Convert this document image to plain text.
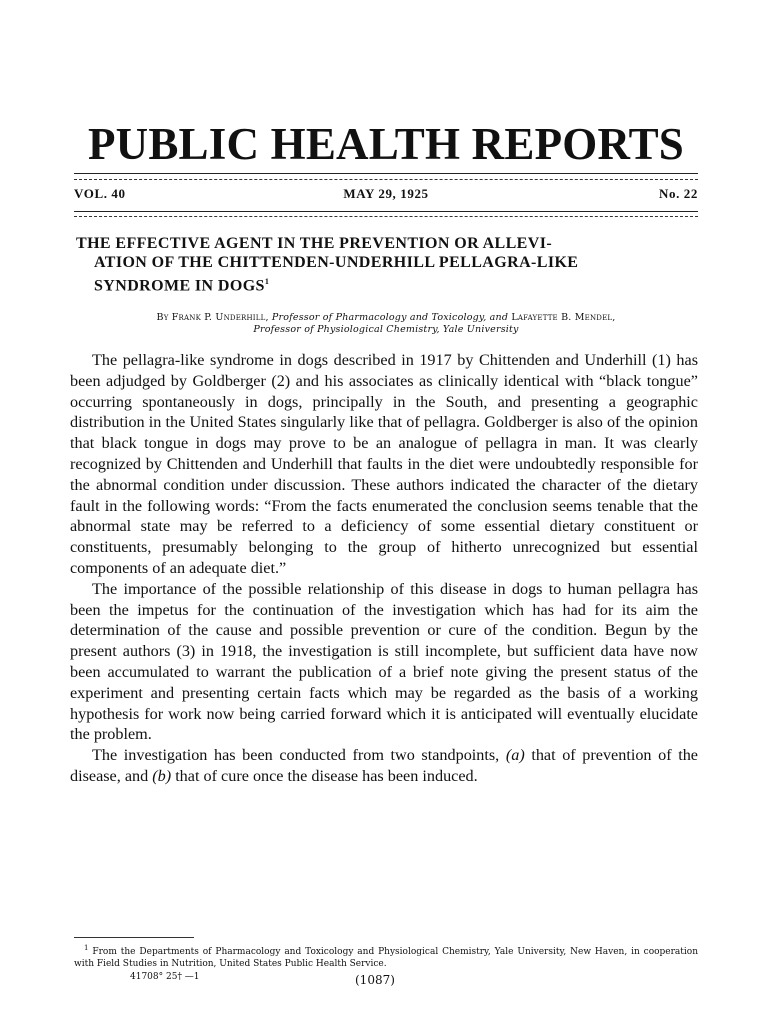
PUBLIC HEALTH REPORTS
VOL. 40	MAY 29, 1925	No. 22
THE EFFECTIVE AGENT IN THE PREVENTION OR ALLEVI-
ATION OF THE CHITTENDEN-UNDERHILL PELLAGRA-LIKE
SYNDROME IN DOGS$^1$
By Frank P. Underhill, Professor of Pharmacology and Toxicology, and Lafayette B. Mendel,
Professor of Physiological Chemistry, Yale University

The pellagra-like syndrome in dogs described in 1917 by Chittenden and Underhill (1) has been adjudged by Goldberger (2) and his associates as clinically identical with “black tongue” occurring spontaneously in dogs, principally in the South, and presenting a geographic distribution in the United States singularly like that of pellagra. Goldberger is also of the opinion that black tongue in dogs may prove to be an analogue of pellagra in man. It was clearly recognized by Chittenden and Underhill that faults in the diet were undoubtedly responsible for the abnormal condition under discussion. These authors indicated the character of the dietary fault in the following words: “From the facts enumerated the conclusion seems tenable that the abnormal state may be referred to a deficiency of some essential dietary constituent or constituents, presumably belonging to the group of hitherto unrecognized but essential components of an adequate diet.”

The importance of the possible relationship of this disease in dogs to human pellagra has been the impetus for the continuation of the investigation which has had for its aim the determination of the cause and possible prevention or cure of the condition. Begun by the present authors (3) in 1918, the investigation is still incomplete, but sufficient data have now been accumulated to warrant the publication of a brief note giving the present status of the experiment and presenting certain facts which may be regarded as the basis of a working hypothesis for work now being carried forward which it is anticipated will eventually elucidate the problem.

The investigation has been conducted from two standpoints, (a) that of prevention of the disease, and (b) that of cure once the disease has been induced.

$^1$ From the Departments of Pharmacology and Toxicology and Physiological Chemistry, Yale University, New Haven, in cooperation with Field Studies in Nutrition, United States Public Health Service.

41708° 25† —1	(1087)
